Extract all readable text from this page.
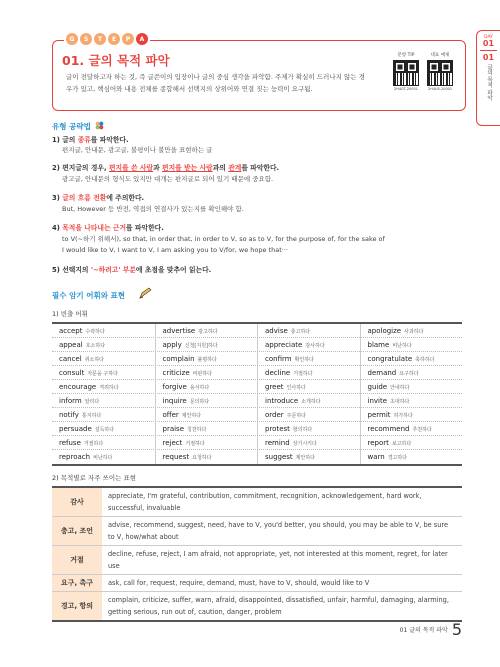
DAY
01
01
글의 목적 파악
G	S	T	E	P	A
01. 글의 목적 파악
글이 전달하고자 하는 것, 즉 글쓴이의 입장이나 글의 중심 생각을 파악함. 주제가 확실히 드러나지 않는 경우가 있고, 핵심어와 내용 전체를 종합해서 선택지의 상위어와 연결 짓는 능력이 요구됨.
문항 TIP
2H4GT-20001
대표 예제
2H4U5-20001
유형 공략법
1) 글의 종류를 파악한다.
편지글, 안내문, 광고글, 불평이나 불만을 표현하는 글
2) 편지글의 경우, 편지를 쓴 사람과 편지를 받는 사람과의 관계를 파악한다.
광고글, 안내문의 형식도 있지만 대개는 편지글로 되어 있기 때문에 중요함.
3) 글의 흐름 전환에 주의한다.
But, However 등 반전, 역접의 연결사가 있는지를 확인해야 함.
4) 목적을 나타내는 근거를 파악한다.
to V(~하기 위해서), so that, in order that, in order to V, so as to V, for the purpose of, for the sake of
I would like to V, I want to V, I am asking you to V/for, we hope that···
5) 선택지의 '~하려고' 부분에 초점을 맞추어 읽는다.
필수 암기 어휘와 표현
1) 빈출 어휘
accept 수락하다	advertise 광고하다	advise 충고하다	apologize 사과하다
appeal 호소하다	apply 신청[지원]하다	appreciate 감사하다	blame 비난하다
cancel 취소하다	complain 불평하다	confirm 확인하다	congratulate 축하하다
consult 자문을 구하다	criticize 비판하다	decline 거절하다	demand 요구하다
encourage 격려하다	forgive 용서하다	greet 인사하다	guide 안내하다
inform 알리다	inquire 문의하다	introduce 소개하다	invite 초대하다
notify 통지하다	offer 제안하다	order 주문하다	permit 허가하다
persuade 설득하다	praise 칭찬하다	protest 항의하다	recommend 추천하다
refuse 거절하다	reject 거절하다	remind 상기시키다	report 보고하다
reproach 비난하다	request 요청하다	suggest 제안하다	warn 경고하다
2) 목적별로 자주 쓰이는 표현
감사
appreciate, I'm grateful, contribution, commitment, recognition, acknowledgement, hard work, successful, invaluable
충고, 조언
advise, recommend, suggest, need, have to V, you'd better, you should, you may be able to V, be sure to V, how/what about
거절
decline, refuse, reject, I am afraid, not appropriate, yet, not interested at this moment, regret, for later use
요구, 촉구	ask, call for, request, require, demand, must, have to V, should, would like to V
경고, 항의
complain, criticize, suffer, warn, afraid, disappointed, dissatisfied, unfair, harmful, damaging, alarming, getting serious, run out of, caution, danger, problem
01 글의 목적 파악 5
